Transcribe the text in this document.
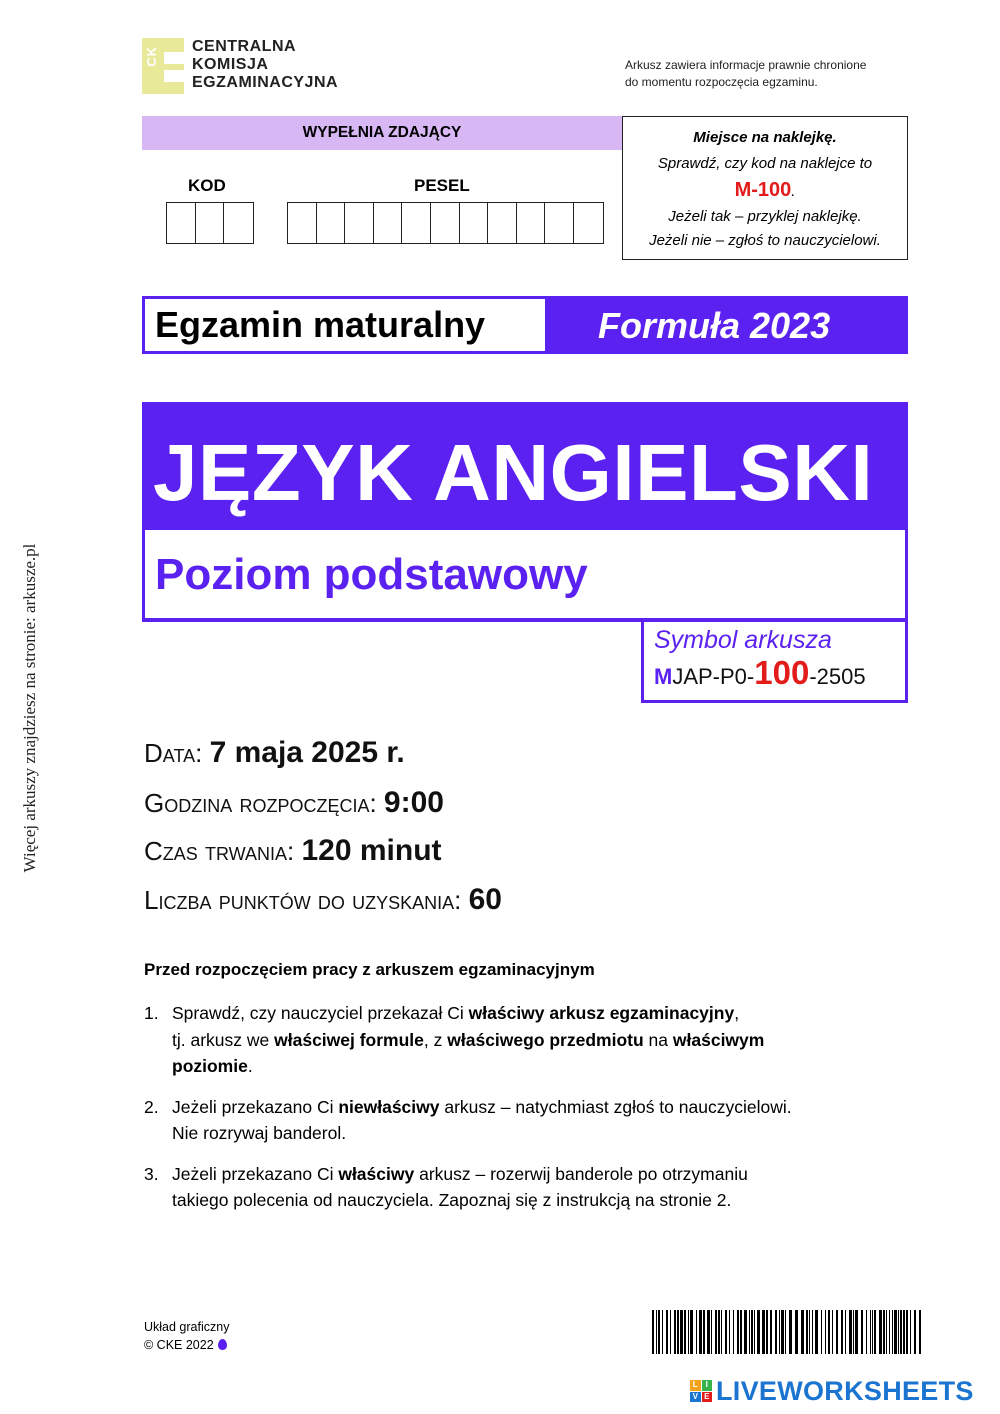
Więcej arkuszy znajdziesz na stronie: arkusze.pl
CK CENTRALNA
KOMISJA
EGZAMINACYJNA
Arkusz zawiera informacje prawnie chronione
do momentu rozpoczęcia egzaminu.
WYPEŁNIA ZDAJĄCY
KOD	PESEL
Miejsce na naklejkę.
Sprawdź, czy kod na naklejce to
M-100.
Jeżeli tak – przyklej naklejkę.
Jeżeli nie – zgłoś to nauczycielowi.
Egzamin maturalny	Formuła 2023
JĘZYK ANGIELSKI
Poziom podstawowy
Symbol arkusza
MJAP-P0-100-2505
Data: 7 maja 2025 r.
Godzina rozpoczęcia: 9:00
Czas trwania: 120 minut
Liczba punktów do uzyskania: 60
Przed rozpoczęciem pracy z arkuszem egzaminacyjnym
1. Sprawdź, czy nauczyciel przekazał Ci właściwy arkusz egzaminacyjny,
tj. arkusz we właściwej formule, z właściwego przedmiotu na właściwym
poziomie.
2. Jeżeli przekazano Ci niewłaściwy arkusz – natychmiast zgłoś to nauczycielowi.
Nie rozrywaj banderol.
3. Jeżeli przekazano Ci właściwy arkusz – rozerwij banderole po otrzymaniu
takiego polecenia od nauczyciela. Zapoznaj się z instrukcją na stronie 2.
Układ graficzny
© CKE 2022
L I
V E LIVEWORKSHEETS
